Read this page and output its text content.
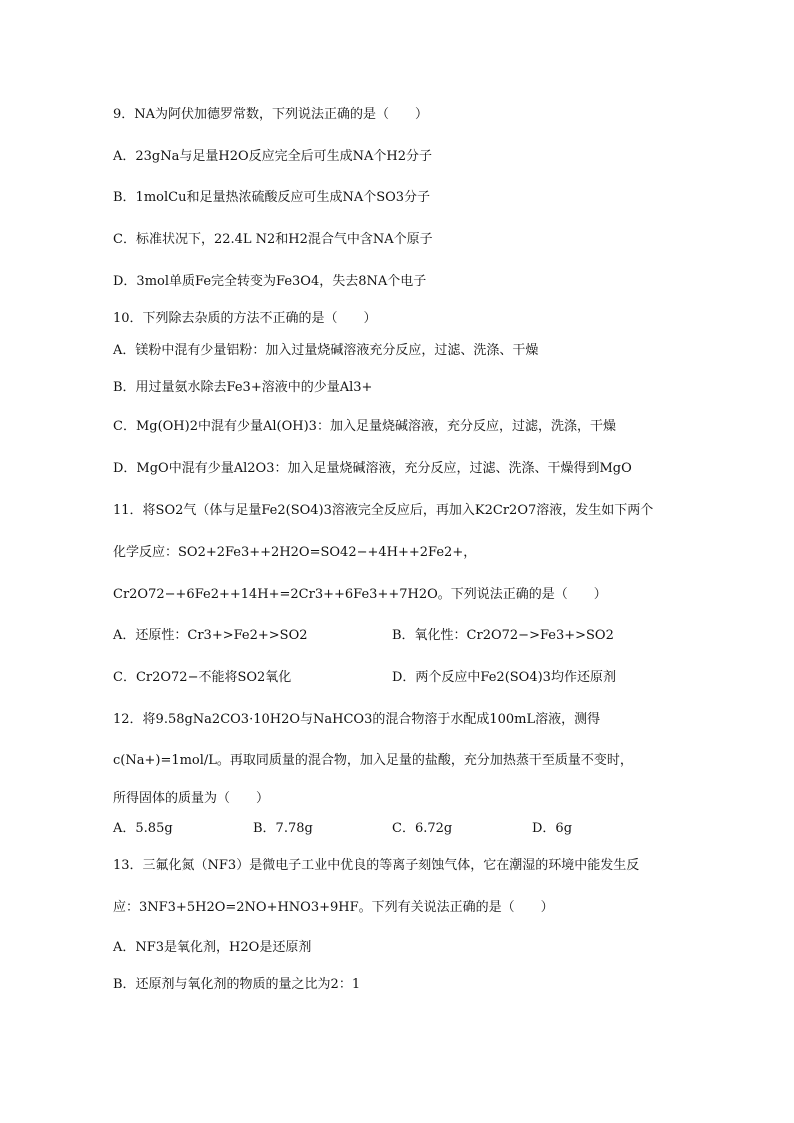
9．NA为阿伏加德罗常数，下列说法正确的是（　　）
A．23gNa与足量H2O反应完全后可生成NA个H2分子
B．1molCu和足量热浓硫酸反应可生成NA个SO3分子
C．标准状况下，22.4L N2和H2混合气中含NA个原子
D．3mol单质Fe完全转变为Fe3O4，失去8NA个电子
10．下列除去杂质的方法不正确的是（　　）
A．镁粉中混有少量铝粉：加入过量烧碱溶液充分反应，过滤、洗涤、干燥
B．用过量氨水除去Fe3+溶液中的少量Al3+
C．Mg(OH)2中混有少量Al(OH)3：加入足量烧碱溶液，充分反应，过滤，洗涤，干燥
D．MgO中混有少量Al2O3：加入足量烧碱溶液，充分反应，过滤、洗涤、干燥得到MgO
11．将SO2气（体与足量Fe2(SO4)3溶液完全反应后，再加入K2Cr2O7溶液，发生如下两个
化学反应：SO2+2Fe3++2H2O=SO42−+4H++2Fe2+，
Cr2O72−+6Fe2++14H+=2Cr3++6Fe3++7H2O。下列说法正确的是（　　）
A．还原性：Cr3+>Fe2+>SO2	B．氧化性：Cr2O72−>Fe3+>SO2
C．Cr2O72−不能将SO2氧化	D．两个反应中Fe2(SO4)3均作还原剂
12．将9.58gNa2CO3·10H2O与NaHCO3的混合物溶于水配成100mL溶液，测得
c(Na+)=1mol/L。再取同质量的混合物，加入足量的盐酸，充分加热蒸干至质量不变时，
所得固体的质量为（　　）
A．5.85g	B．7.78g	C．6.72g	D．6g
13．三氟化氮（NF3）是微电子工业中优良的等离子刻蚀气体，它在潮湿的环境中能发生反
应：3NF3+5H2O=2NO+HNO3+9HF。下列有关说法正确的是（　　）
A．NF3是氧化剂，H2O是还原剂
B．还原剂与氧化剂的物质的量之比为2：1
